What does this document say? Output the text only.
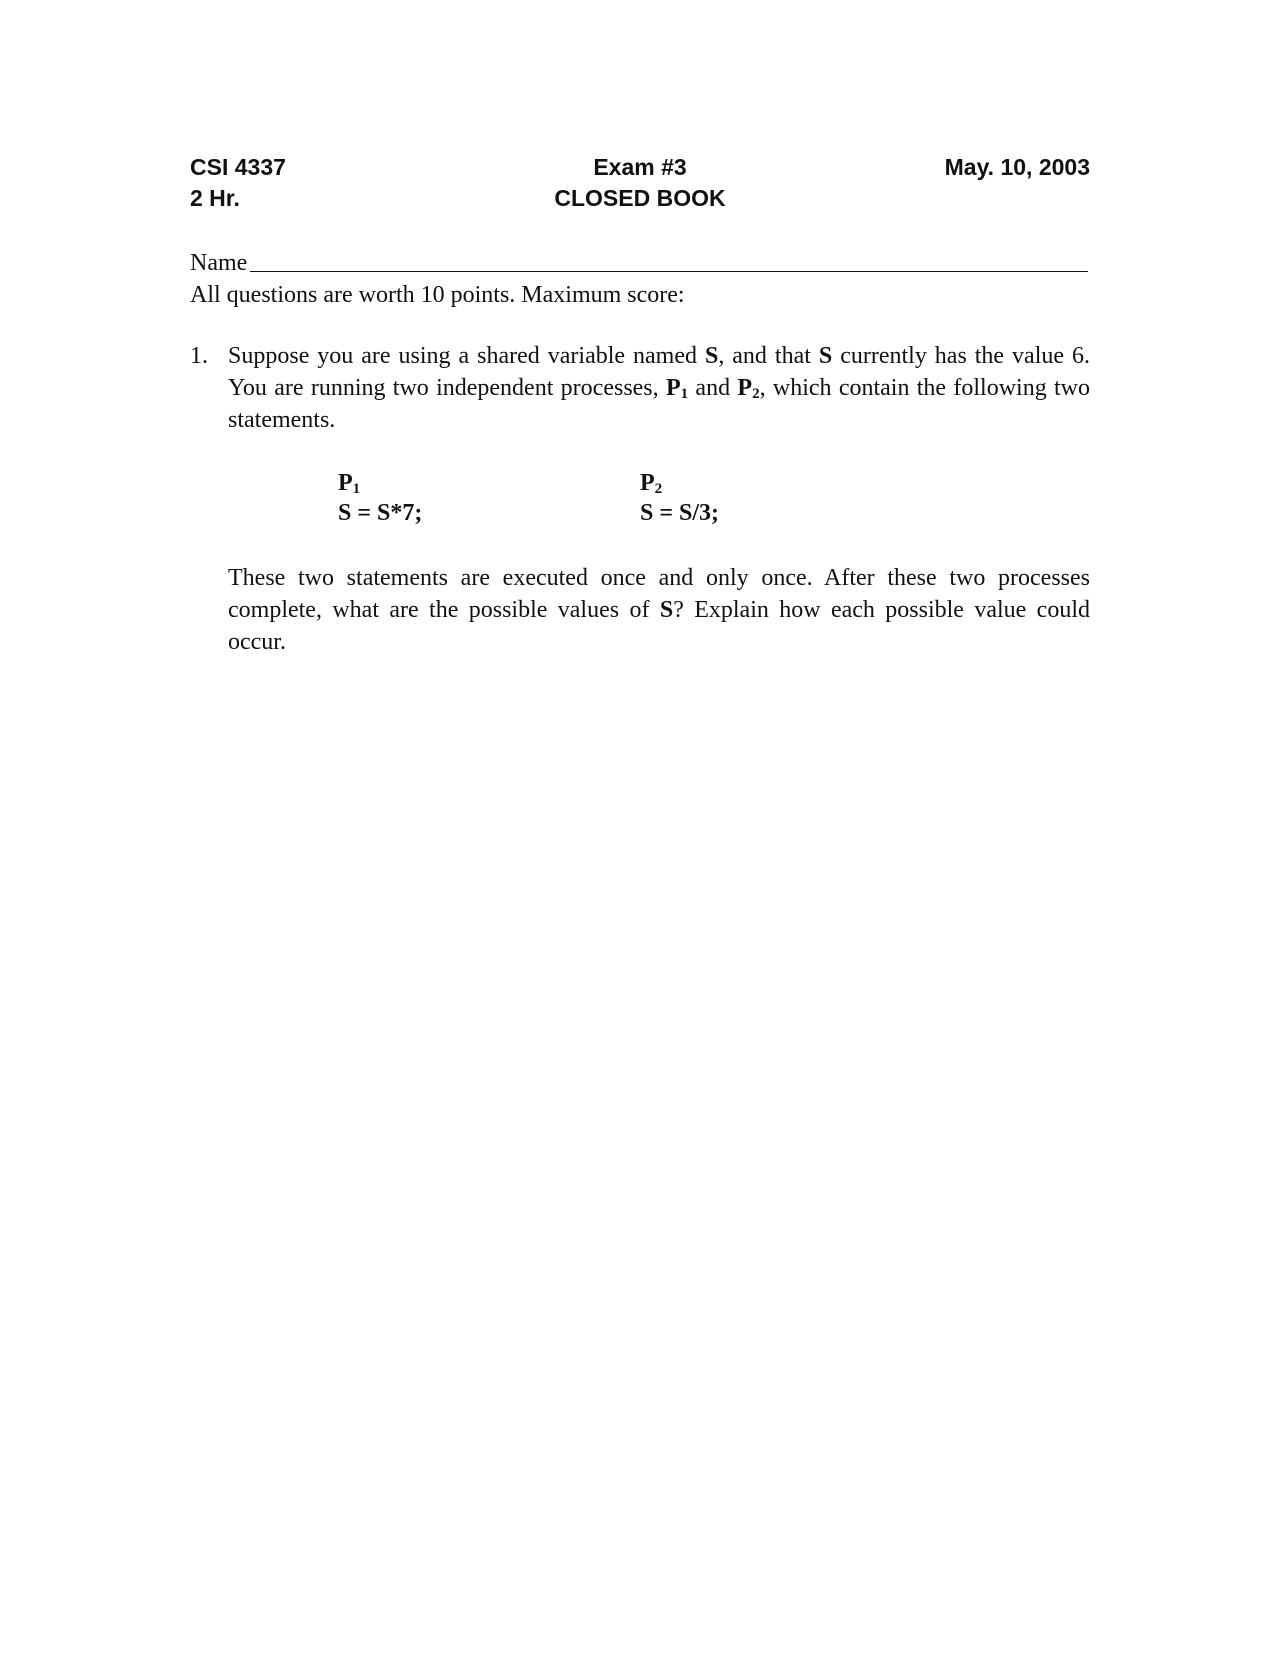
CSI 4337
2 Hr.
Exam #3
CLOSED BOOK
May. 10, 2003
Name
All questions are worth 10 points. Maximum score:
1. Suppose you are using a shared variable named S, and that S currently has the value 6. You are running two independent processes, $P_1$ and $P_2$, which contain the following two statements.
$P_1$
S = S*7;
$P_2$
S = S/3;
These two statements are executed once and only once. After these two processes complete, what are the possible values of S? Explain how each possible value could occur.
